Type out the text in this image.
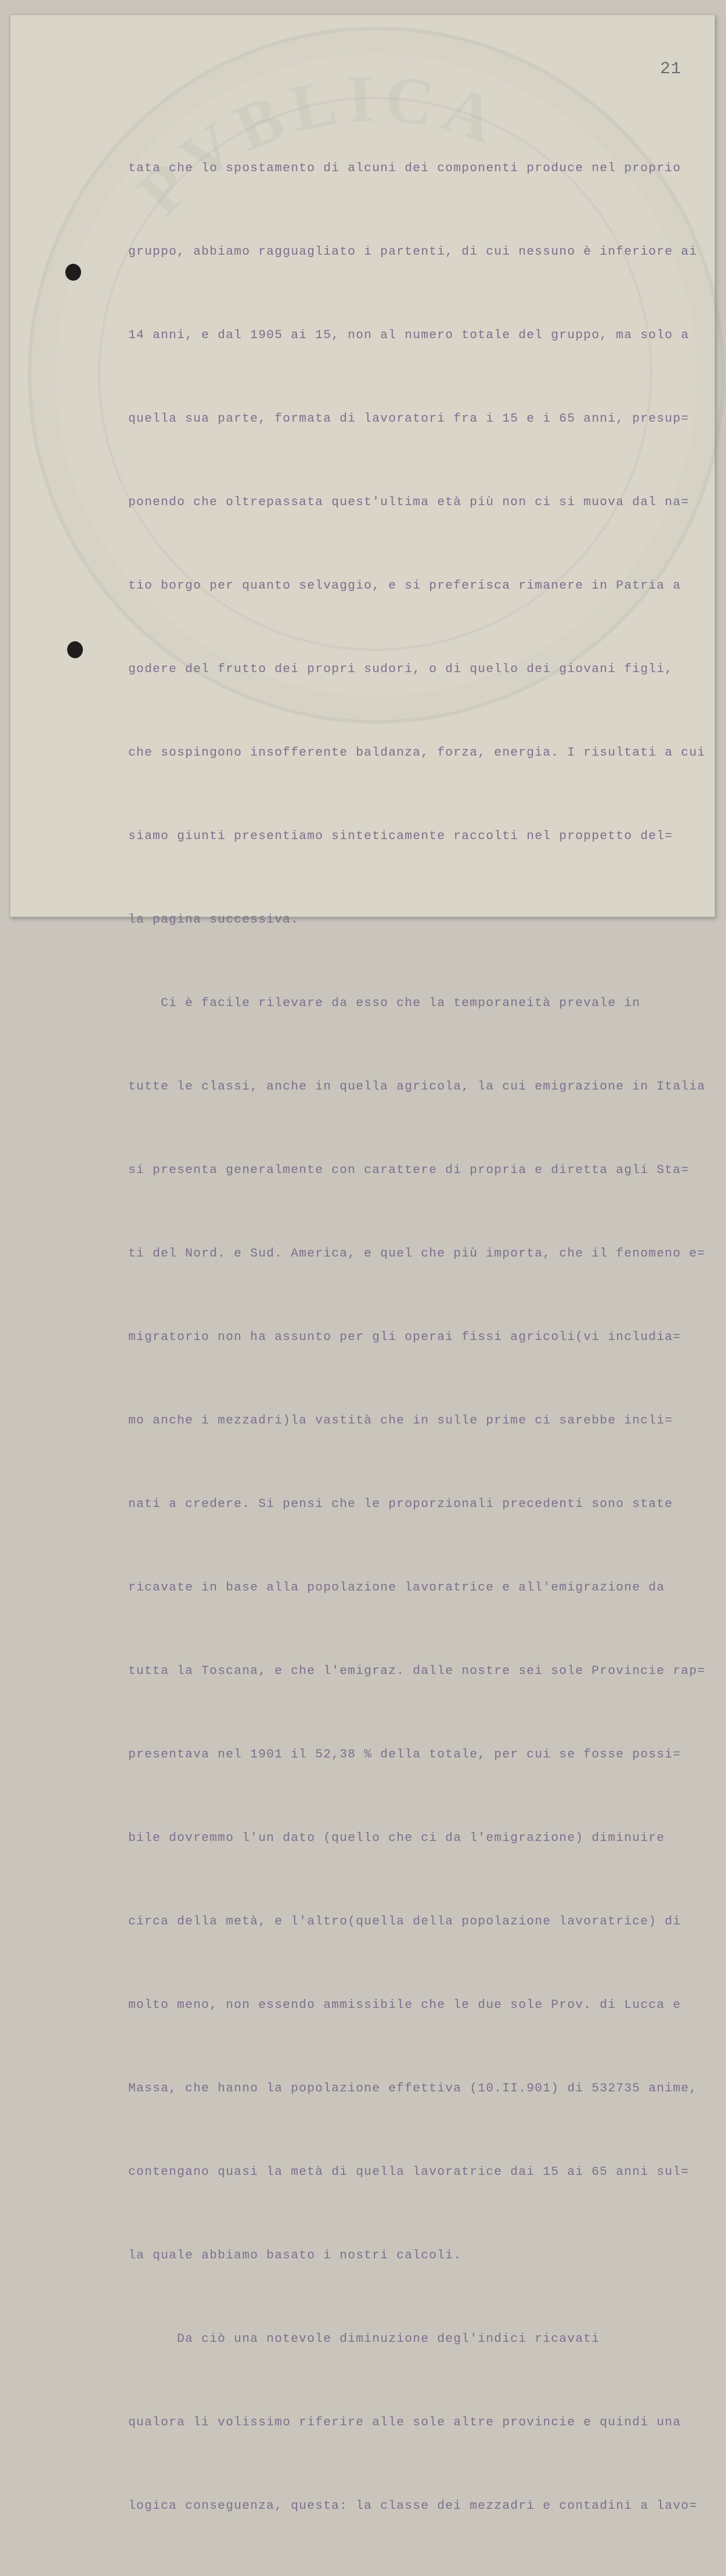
PVBLICA
21

tata che lo spostamento di alcuni dei componenti produce nel proprio

gruppo, abbiamo ragguagliato i partenti, di cui nessuno è inferiore ai

14 anni, e dal 1905 ai 15, non al numero totale del gruppo, ma solo a

quella sua parte, formata di lavoratori fra i 15 e i 65 anni, presup=

ponendo che oltrepassata quest'ultima età più non ci si muova dal na=

tio borgo per quanto selvaggio, e si preferisca rimanere in Patria a

godere del frutto dei propri sudori, o di quello dei giovani figli,

che sospingono insofferente baldanza, forza, energia. I risultati a cui

siamo giunti presentiamo sinteticamente raccolti nel proppetto del=

la pagina successiva.

Ci è facile rilevare da esso che la temporaneità prevale in

tutte le classi, anche in quella agricola, la cui emigrazione in Italia

si presenta generalmente con carattere di propria e diretta agli Sta=

ti del Nord. e Sud. America, e quel che più importa, che il fenomeno e=

migratorio non ha assunto per gli operai fissi agricoli(vi includia=

mo anche i mezzadri)la vastità che in sulle prime ci sarebbe incli=

nati a credere. Si pensi che le proporzionali precedenti sono state

ricavate in base alla popolazione lavoratrice e all'emigrazione da

tutta la Toscana, e che l'emigraz. dalle nostre sei sole Provincie rap=

presentava nel 1901 il 52,38 % della totale, per cui se fosse possi=

bile dovremmo l'un dato (quello che ci da l'emigrazione) diminuire

circa della metà, e l'altro(quella della popolazione lavoratrice) di

molto meno, non essendo ammissibile che le due sole Prov. di Lucca e

Massa, che hanno la popolazione effettiva (10.II.901) di 532735 anime,

contengano quasi la metà di quella lavoratrice dai 15 ai 65 anni sul=

la quale abbiamo basato i nostri calcoli.

Da ciò una notevole diminuzione degl'indici ricavati

qualora li volissimo riferire alle sole altre provincie e quindi una

logica conseguenza, questa: la classe dei mezzadri e contadini a lavo=
